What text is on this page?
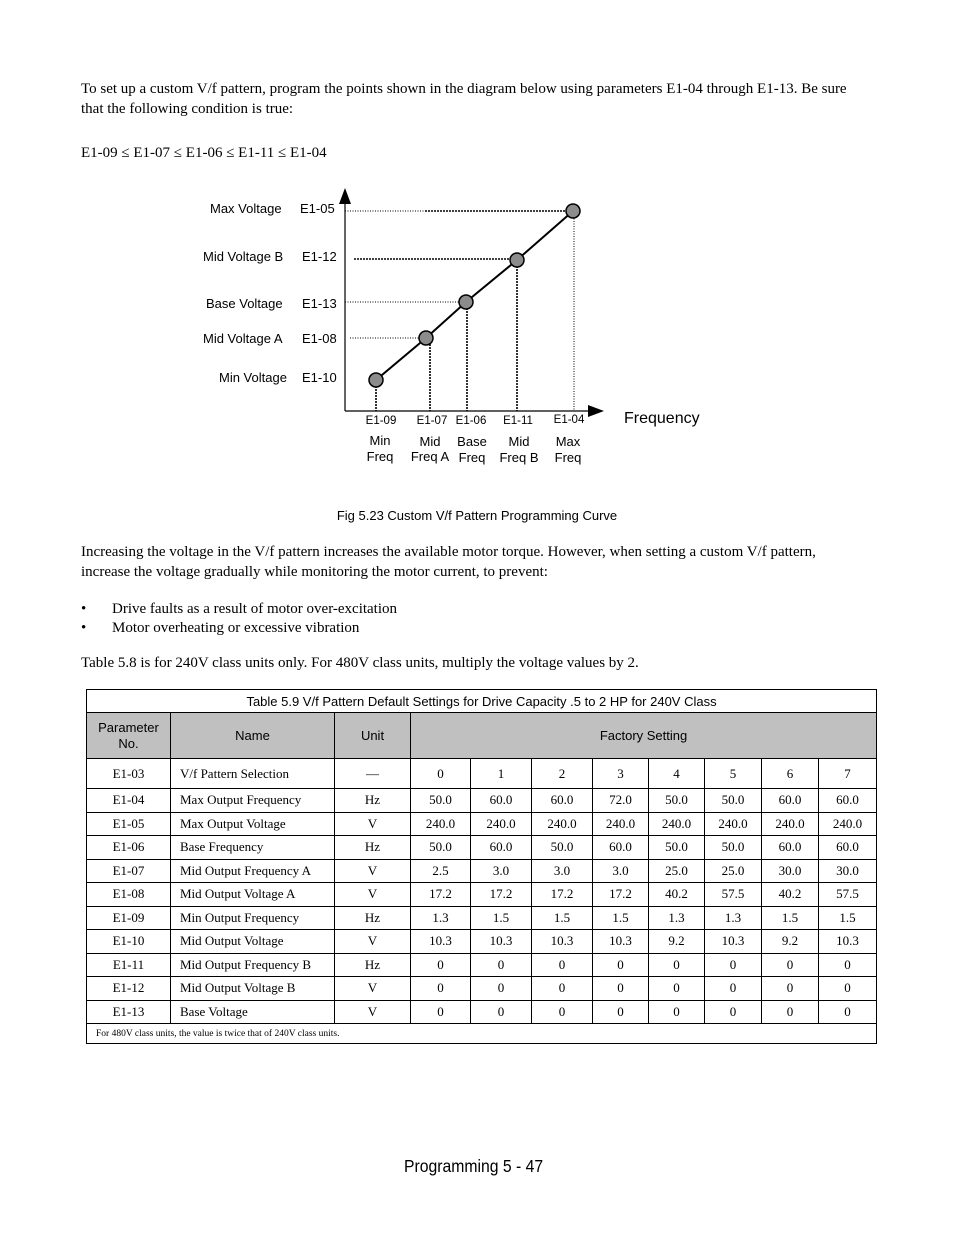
To set up a custom V/f pattern, program the points shown in the diagram below using parameters E1-04 through E1-13. Be sure
that the following condition is true:
E1-09 ≤ E1-07 ≤ E1-06 ≤ E1-11 ≤ E1-04
Max Voltage E1-05
Mid Voltage B E1-12
Base Voltage E1-13
Mid Voltage A E1-08
Min Voltage E1-10
E1-09 E1-07 E1-06 E1-11 E1-04
Min
Freq
Mid
Freq A
Base
Freq
Mid
Freq B
Max
Freq
Frequency
Fig 5.23 Custom V/f Pattern Programming Curve
Increasing the voltage in the V/f pattern increases the available motor torque. However, when setting a custom V/f pattern,
increase the voltage gradually while monitoring the motor current, to prevent:
• Drive faults as a result of motor over-excitation
• Motor overheating or excessive vibration
Table 5.8 is for 240V class units only. For 480V class units, multiply the voltage values by 2.
Table 5.9 V/f Pattern Default Settings for Drive Capacity .5 to 2 HP for 240V Class										
Parameter
No.	Name	Unit	Factory Setting							
E1-03	V/f Pattern Selection	—	0	1	2	3	4	5	6	7
E1-04	Max Output Frequency	Hz	50.0	60.0	60.0	72.0	50.0	50.0	60.0	60.0
E1-05	Max Output Voltage	V	240.0	240.0	240.0	240.0	240.0	240.0	240.0	240.0
E1-06	Base Frequency	Hz	50.0	60.0	50.0	60.0	50.0	50.0	60.0	60.0
E1-07	Mid Output Frequency A	V	2.5	3.0	3.0	3.0	25.0	25.0	30.0	30.0
E1-08	Mid Output Voltage A	V	17.2	17.2	17.2	17.2	40.2	57.5	40.2	57.5
E1-09	Min Output Frequency	Hz	1.3	1.5	1.5	1.5	1.3	1.3	1.5	1.5
E1-10	Mid Output Voltage	V	10.3	10.3	10.3	10.3	9.2	10.3	9.2	10.3
E1-11	Mid Output Frequency B	Hz	0	0	0	0	0	0	0	0
E1-12	Mid Output Voltage B	V	0	0	0	0	0	0	0	0
E1-13	Base Voltage	V	0	0	0	0	0	0	0	0
For 480V class units, the value is twice that of 240V class units.										
Programming 5 - 47
